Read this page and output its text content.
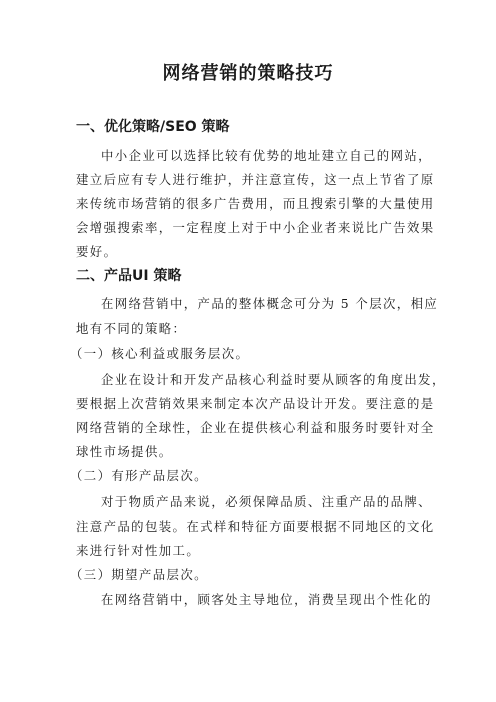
网络营销的策略技巧
一、优化策略/SEO 策略
中小企业可以选择比较有优势的地址建立自己的网站，
建立后应有专人进行维护，并注意宣传，这一点上节省了原
来传统市场营销的很多广告费用，而且搜索引擎的大量使用
会增强搜索率，一定程度上对于中小企业者来说比广告效果
要好。
二、产品UI 策略
在网络营销中，产品的整体概念可分为 5 个层次，相应
地有不同的策略：
（一）核心利益或服务层次。
企业在设计和开发产品核心利益时要从顾客的角度出发，
要根据上次营销效果来制定本次产品设计开发。要注意的是
网络营销的全球性，企业在提供核心利益和服务时要针对全
球性市场提供。
（二）有形产品层次。
对于物质产品来说，必须保障品质、注重产品的品牌、
注意产品的包装。在式样和特征方面要根据不同地区的文化
来进行针对性加工。
（三）期望产品层次。
在网络营销中，顾客处主导地位，消费呈现出个性化的
